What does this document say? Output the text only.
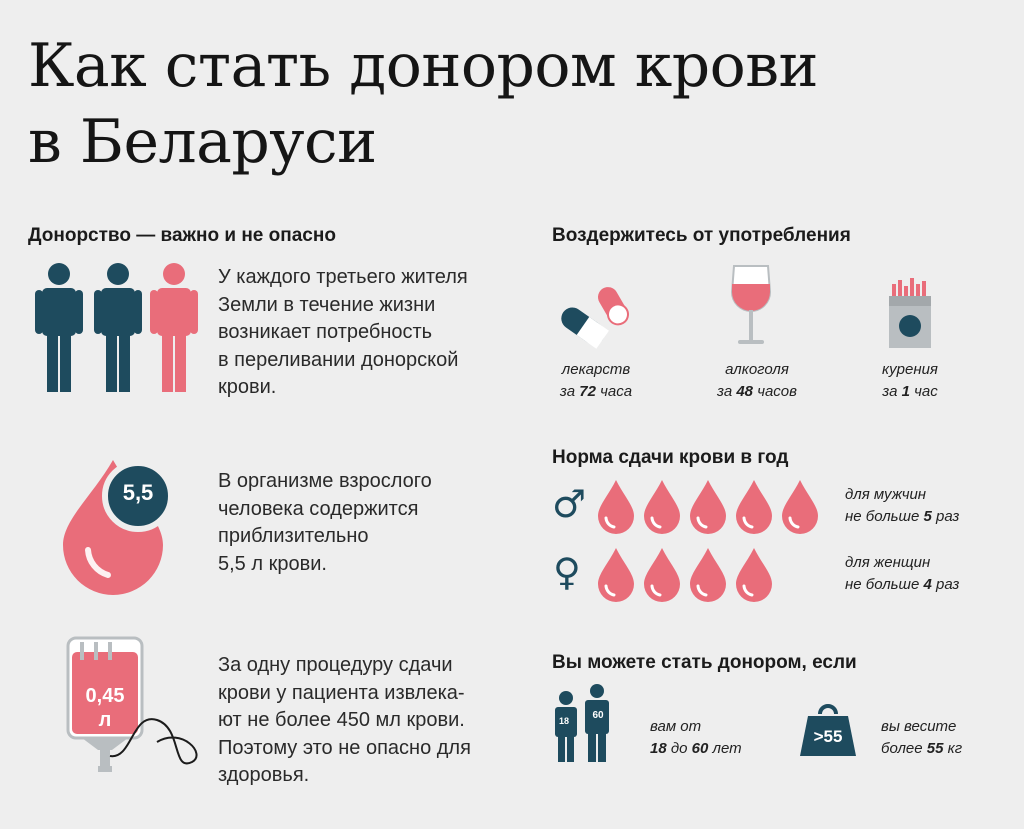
Как стать донором крови
в Беларуси
Донорство — важно и не опасно
У каждого третьего жителя
Земли в течение жизни
возникает потребность
в переливании донорской
крови.
5,5	В организме взрослого
человека содержится
приблизительно
5,5 л крови.
0,45
л
За одну процедуру сдачи
крови у пациента извлека-
ют не более 450 мл крови.
Поэтому это не опасно для
здоровья.
Воздержитесь от употребления
лекарств
за 72 часа
алкоголя
за 48 часов
курения
за 1 час
Норма сдачи крови в год
♂	для мужчин
не больше 5 раз
♀	для женщин
не больше 4 раз
Вы можете стать донором, если
18	60
вам от
18 до 60 лет
>55
вы весите
более 55 кг
